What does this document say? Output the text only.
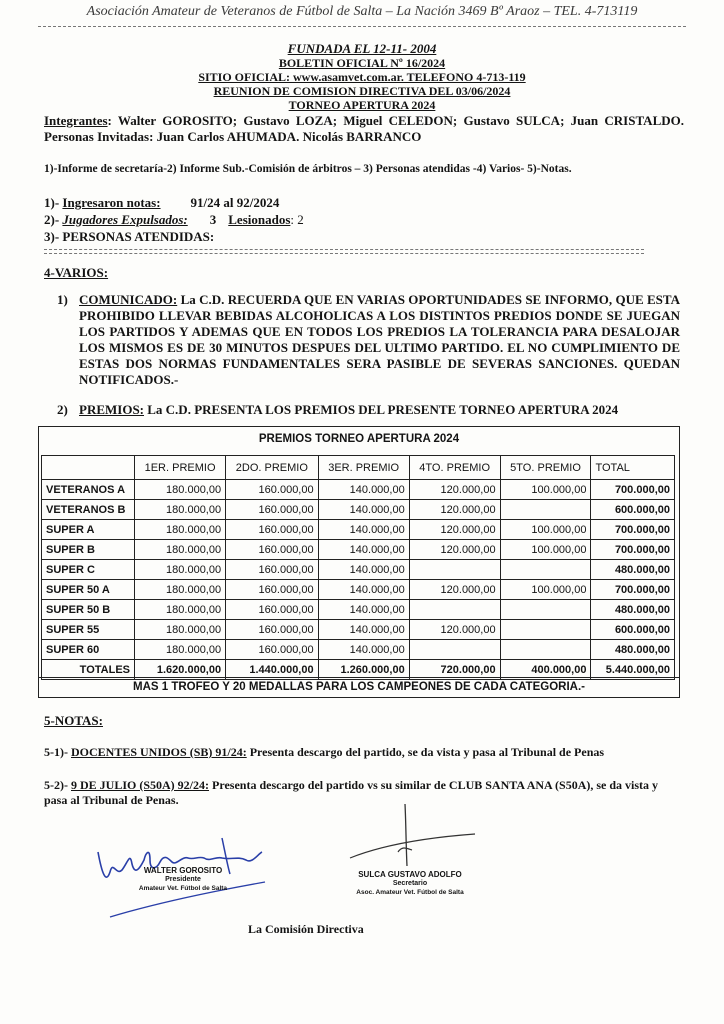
Asociación Amateur de Veteranos de Fútbol de Salta – La Nación 3469 Bº Araoz – TEL. 4-713119
FUNDADA EL 12-11- 2004
BOLETIN OFICIAL Nº 16/2024
SITIO OFICIAL: www.asamvet.com.ar. TELEFONO 4-713-119
REUNION DE COMISION DIRECTIVA DEL 03/06/2024
TORNEO APERTURA 2024
Integrantes: Walter GOROSITO; Gustavo LOZA; Miguel CELEDON; Gustavo SULCA; Juan CRISTALDO. Personas Invitadas: Juan Carlos AHUMADA. Nicolás BARRANCO
1)-Informe de secretaría-2) Informe Sub.-Comisión de árbitros – 3) Personas atendidas -4) Varios- 5)-Notas.
1)- Ingresaron notas: 91/24 al 92/2024
2)- Jugadores Expulsados: 3 Lesionados: 2
3)- PERSONAS ATENDIDAS:
4-VARIOS:
1) COMUNICADO: La C.D. RECUERDA QUE EN VARIAS OPORTUNIDADES SE INFORMO, QUE ESTA PROHIBIDO LLEVAR BEBIDAS ALCOHOLICAS A LOS DISTINTOS PREDIOS DONDE SE JUEGAN LOS PARTIDOS Y ADEMAS QUE EN TODOS LOS PREDIOS LA TOLERANCIA PARA DESALOJAR LOS MISMOS ES DE 30 MINUTOS DESPUES DEL ULTIMO PARTIDO. EL NO CUMPLIMIENTO DE ESTAS DOS NORMAS FUNDAMENTALES SERA PASIBLE DE SEVERAS SANCIONES. QUEDAN NOTIFICADOS.-
2) PREMIOS: La C.D. PRESENTA LOS PREMIOS DEL PRESENTE TORNEO APERTURA 2024
PREMIOS TORNEO APERTURA 2024
	1ER. PREMIO	2DO. PREMIO	3ER. PREMIO	4TO. PREMIO	5TO. PREMIO	TOTAL
VETERANOS A	180.000,00	160.000,00	140.000,00	120.000,00	100.000,00	700.000,00
VETERANOS B	180.000,00	160.000,00	140.000,00	120.000,00		600.000,00
SUPER A	180.000,00	160.000,00	140.000,00	120.000,00	100.000,00	700.000,00
SUPER B	180.000,00	160.000,00	140.000,00	120.000,00	100.000,00	700.000,00
SUPER C	180.000,00	160.000,00	140.000,00			480.000,00
SUPER 50 A	180.000,00	160.000,00	140.000,00	120.000,00	100.000,00	700.000,00
SUPER 50 B	180.000,00	160.000,00	140.000,00			480.000,00
SUPER 55	180.000,00	160.000,00	140.000,00	120.000,00		600.000,00
SUPER 60	180.000,00	160.000,00	140.000,00			480.000,00
TOTALES	1.620.000,00	1.440.000,00	1.260.000,00	720.000,00	400.000,00	5.440.000,00
MAS 1 TROFEO Y 20 MEDALLAS PARA LOS CAMPEONES DE CADA CATEGORIA.-
5-NOTAS:
5-1)- DOCENTES UNIDOS (SB) 91/24: Presenta descargo del partido, se da vista y pasa al Tribunal de Penas
5-2)- 9 DE JULIO (S50A) 92/24: Presenta descargo del partido vs su similar de CLUB SANTA ANA (S50A), se da vista y pasa al Tribunal de Penas.
WALTER GOROSITO
Presidente
Amateur Vet. Fútbol de Salta
SULCA GUSTAVO ADOLFO
Secretario
Asoc. Amateur Vet. Fútbol de Salta
La Comisión Directiva
